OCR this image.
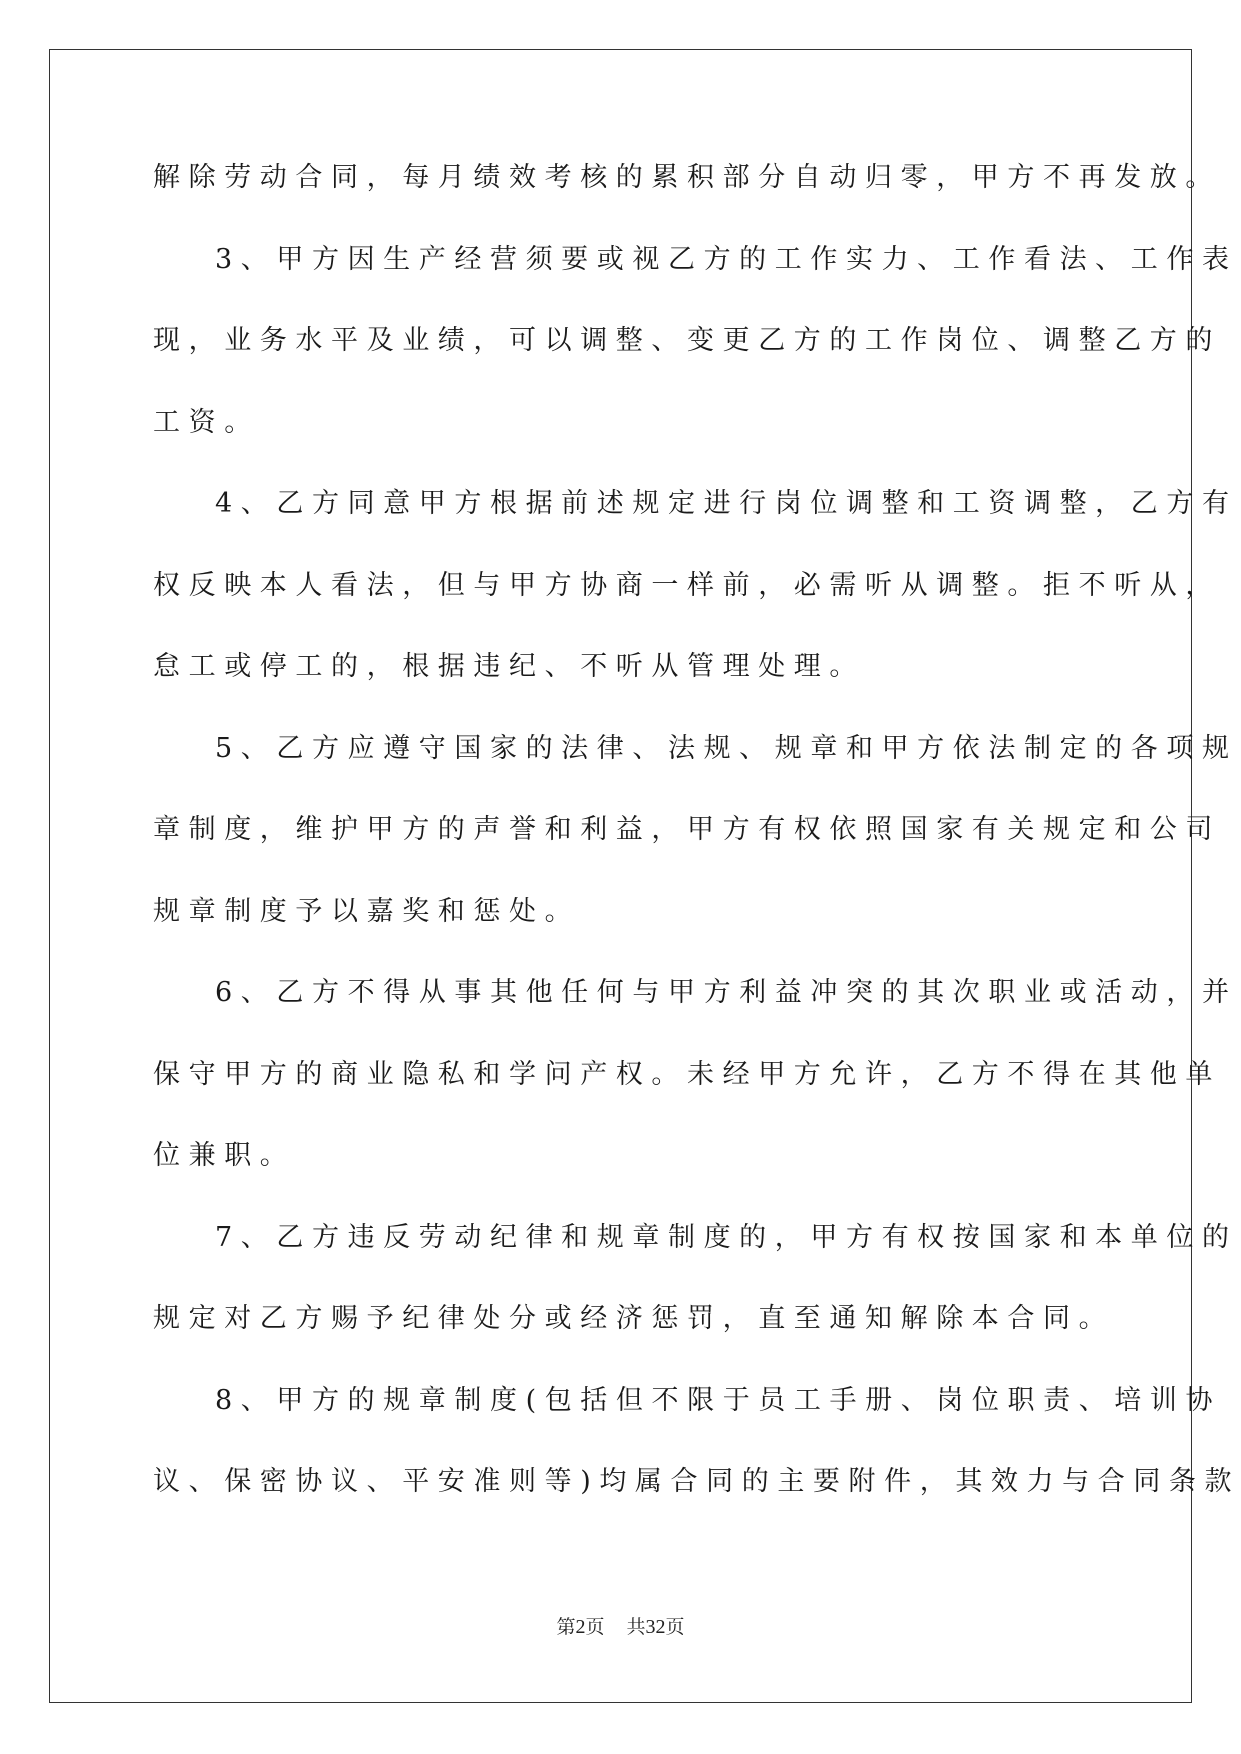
解除劳动合同，每月绩效考核的累积部分自动归零，甲方不再发放。
3、甲方因生产经营须要或视乙方的工作实力、工作看法、工作表
现，业务水平及业绩，可以调整、变更乙方的工作岗位、调整乙方的
工资。
4、乙方同意甲方根据前述规定进行岗位调整和工资调整，乙方有
权反映本人看法，但与甲方协商一样前，必需听从调整。拒不听从，
怠工或停工的，根据违纪、不听从管理处理。
5、乙方应遵守国家的法律、法规、规章和甲方依法制定的各项规
章制度，维护甲方的声誉和利益，甲方有权依照国家有关规定和公司
规章制度予以嘉奖和惩处。
6、乙方不得从事其他任何与甲方利益冲突的其次职业或活动，并
保守甲方的商业隐私和学问产权。未经甲方允许，乙方不得在其他单
位兼职。
7、乙方违反劳动纪律和规章制度的，甲方有权按国家和本单位的
规定对乙方赐予纪律处分或经济惩罚，直至通知解除本合同。
8、甲方的规章制度(包括但不限于员工手册、岗位职责、培训协
议、保密协议、平安准则等)均属合同的主要附件，其效力与合同条款
第2页 共32页
